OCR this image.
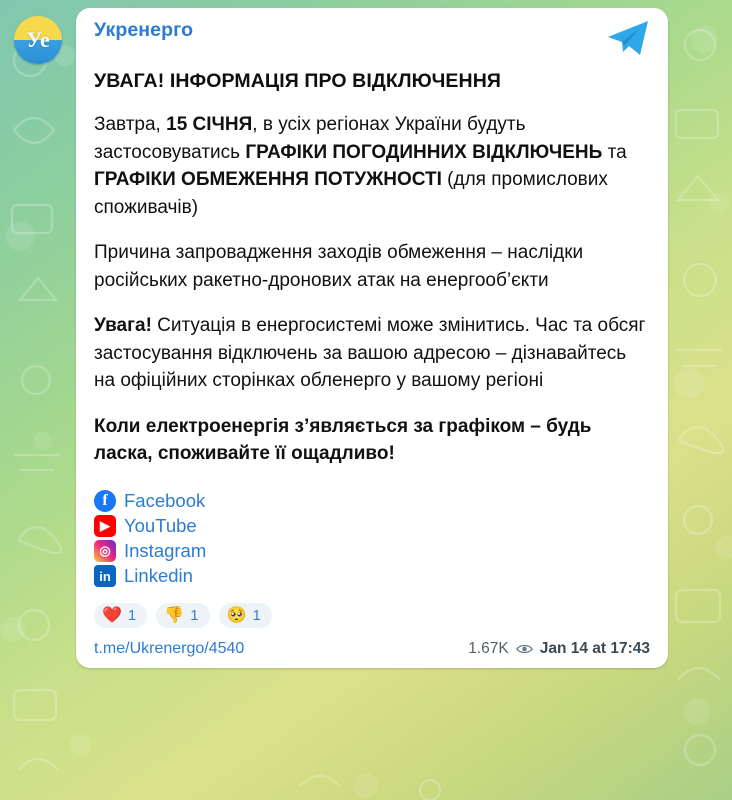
Уе Укренерго
УВАГА! ІНФОРМАЦІЯ ПРО ВІДКЛЮЧЕННЯ
Завтра, 15 СІЧНЯ, в усіх регіонах України будуть застосовуватись ГРАФІКИ ПОГОДИННИХ ВІДКЛЮЧЕНЬ та ГРАФІКИ ОБМЕЖЕННЯ ПОТУЖНОСТІ (для промислових споживачів)
Причина запровадження заходів обмеження – наслідки російських ракетно-дронових атак на енергооб’єкти
Увага! Ситуація в енергосистемі може змінитись. Час та обсяг застосування відключень за вашою адресою – дізнавайтесь на офіційних сторінках обленерго у вашому регіоні
Коли електроенергія з’являється за графіком – будь ласка, споживайте її ощадливо!
f Facebook
▶ YouTube
◎ Instagram
in Linkedin
❤️ 1 👎 1 🥺 1
t.me/Ukrenergo/4540	1.67K Jan 14 at 17:43
